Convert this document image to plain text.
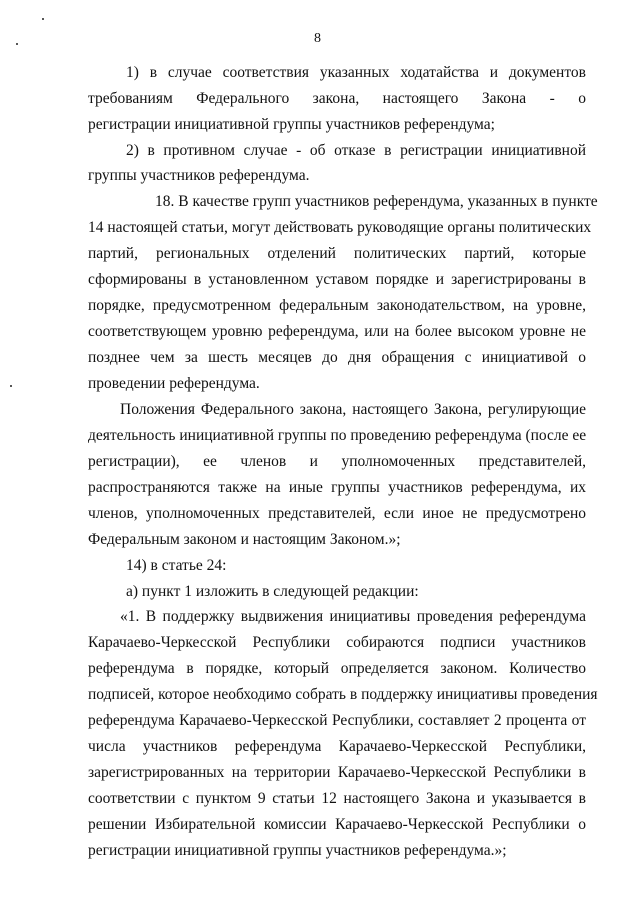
8
1) в случае соответствия указанных ходатайства и документов
требованиям Федерального закона, настоящего Закона - о
регистрации инициативной группы участников референдума;
2) в противном случае - об отказе в регистрации инициативной
группы участников референдума.
18. В качестве групп участников референдума, указанных в пункте
14 настоящей статьи, могут действовать руководящие органы политических
партий, региональных отделений политических партий, которые
сформированы в установленном уставом порядке и зарегистрированы в
порядке, предусмотренном федеральным законодательством, на уровне,
соответствующем уровню референдума, или на более высоком уровне не
позднее чем за шесть месяцев до дня обращения с инициативой о
проведении референдума.
Положения Федерального закона, настоящего Закона, регулирующие
деятельность инициативной группы по проведению референдума (после ее
регистрации), ее членов и уполномоченных представителей,
распространяются также на иные группы участников референдума, их
членов, уполномоченных представителей, если иное не предусмотрено
Федеральным законом и настоящим Законом.»;
14) в статье 24:
а) пункт 1 изложить в следующей редакции:
«1. В поддержку выдвижения инициативы проведения референдума
Карачаево-Черкесской Республики собираются подписи участников
референдума в порядке, который определяется законом. Количество
подписей, которое необходимо собрать в поддержку инициативы проведения
референдума Карачаево-Черкесской Республики, составляет 2 процента от
числа участников референдума Карачаево-Черкесской Республики,
зарегистрированных на территории Карачаево-Черкесской Республики в
соответствии с пунктом 9 статьи 12 настоящего Закона и указывается в
решении Избирательной комиссии Карачаево-Черкесской Республики о
регистрации инициативной группы участников референдума.»;
